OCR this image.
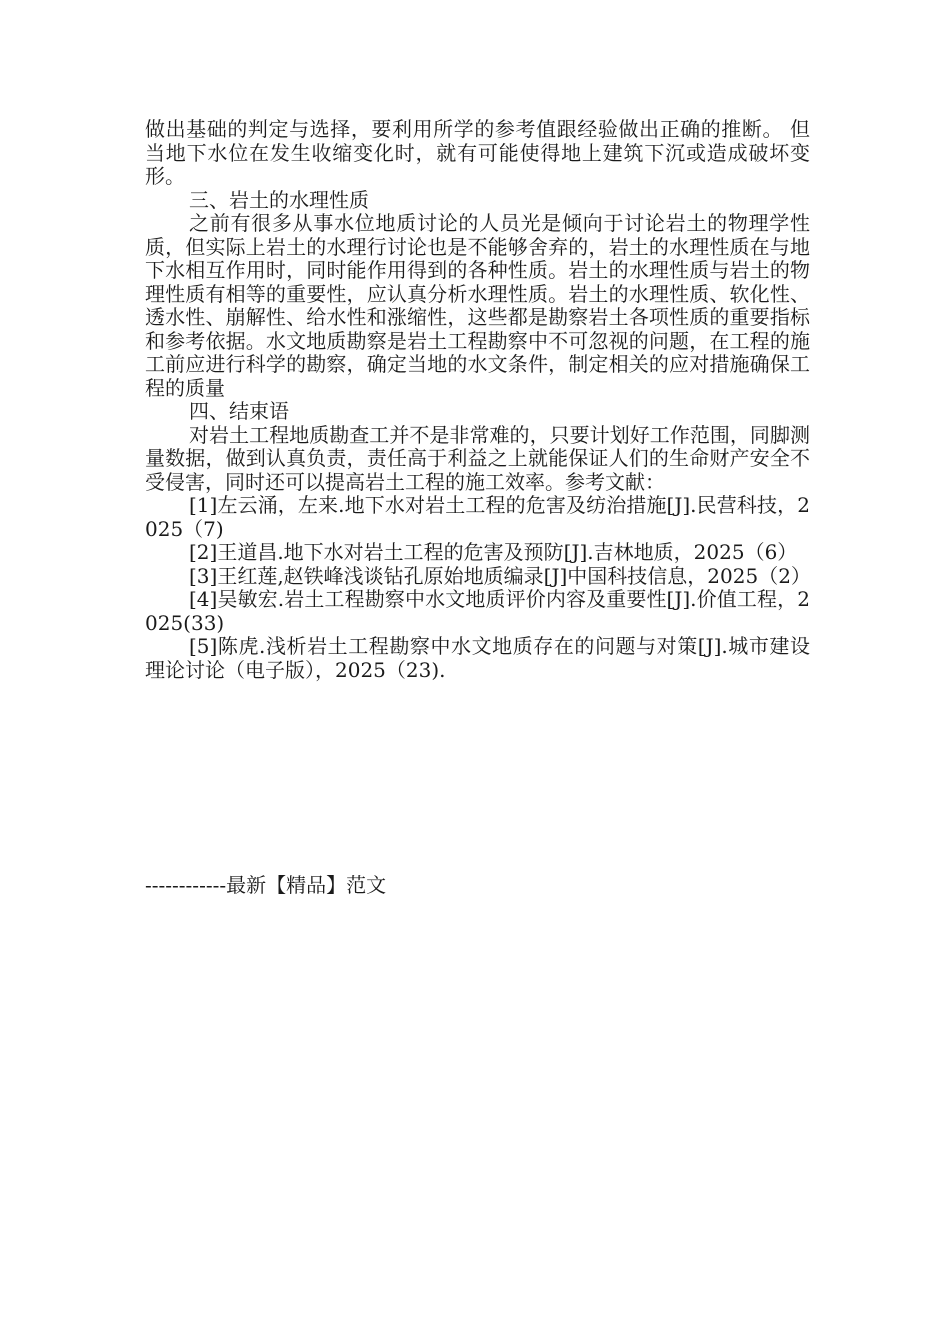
做出基础的判定与选择，要利用所学的参考值跟经验做出正确的推断。 但当地下水位在发生收缩变化时，就有可能使得地上建筑下沉或造成破坏变形。

三、岩土的水理性质

之前有很多从事水位地质讨论的人员光是倾向于讨论岩土的物理学性质，但实际上岩土的水理行讨论也是不能够舍弃的，岩土的水理性质在与地下水相互作用时，同时能作用得到的各种性质。岩土的水理性质与岩土的物理性质有相等的重要性，应认真分析水理性质。岩土的水理性质、软化性、透水性、崩解性、给水性和涨缩性，这些都是勘察岩土各项性质的重要指标和参考依据。水文地质勘察是岩土工程勘察中不可忽视的问题，在工程的施工前应进行科学的勘察，确定当地的水文条件，制定相关的应对措施确保工程的质量

四、结束语

对岩土工程地质勘查工并不是非常难的，只要计划好工作范围，同脚测量数据，做到认真负责，责任高于利益之上就能保证人们的生命财产安全不受侵害，同时还可以提高岩土工程的施工效率。参考文献：

[1]左云涌，左来.地下水对岩土工程的危害及纺治措施[J].民营科技，2025（7)

[2]王道昌.地下水对岩土工程的危害及预防[J].吉林地质，2025（6）

[3]王红莲,赵铁峰浅谈钻孔原始地质编录[J]中国科技信息，2025（2）

[4]吴敏宏.岩土工程勘察中水文地质评价内容及重要性[J].价值工程，2025(33)

[5]陈虎.浅析岩土工程勘察中水文地质存在的问题与对策[J].城市建设理论讨论（电子版），2025（23).

------------最新【精品】范文
